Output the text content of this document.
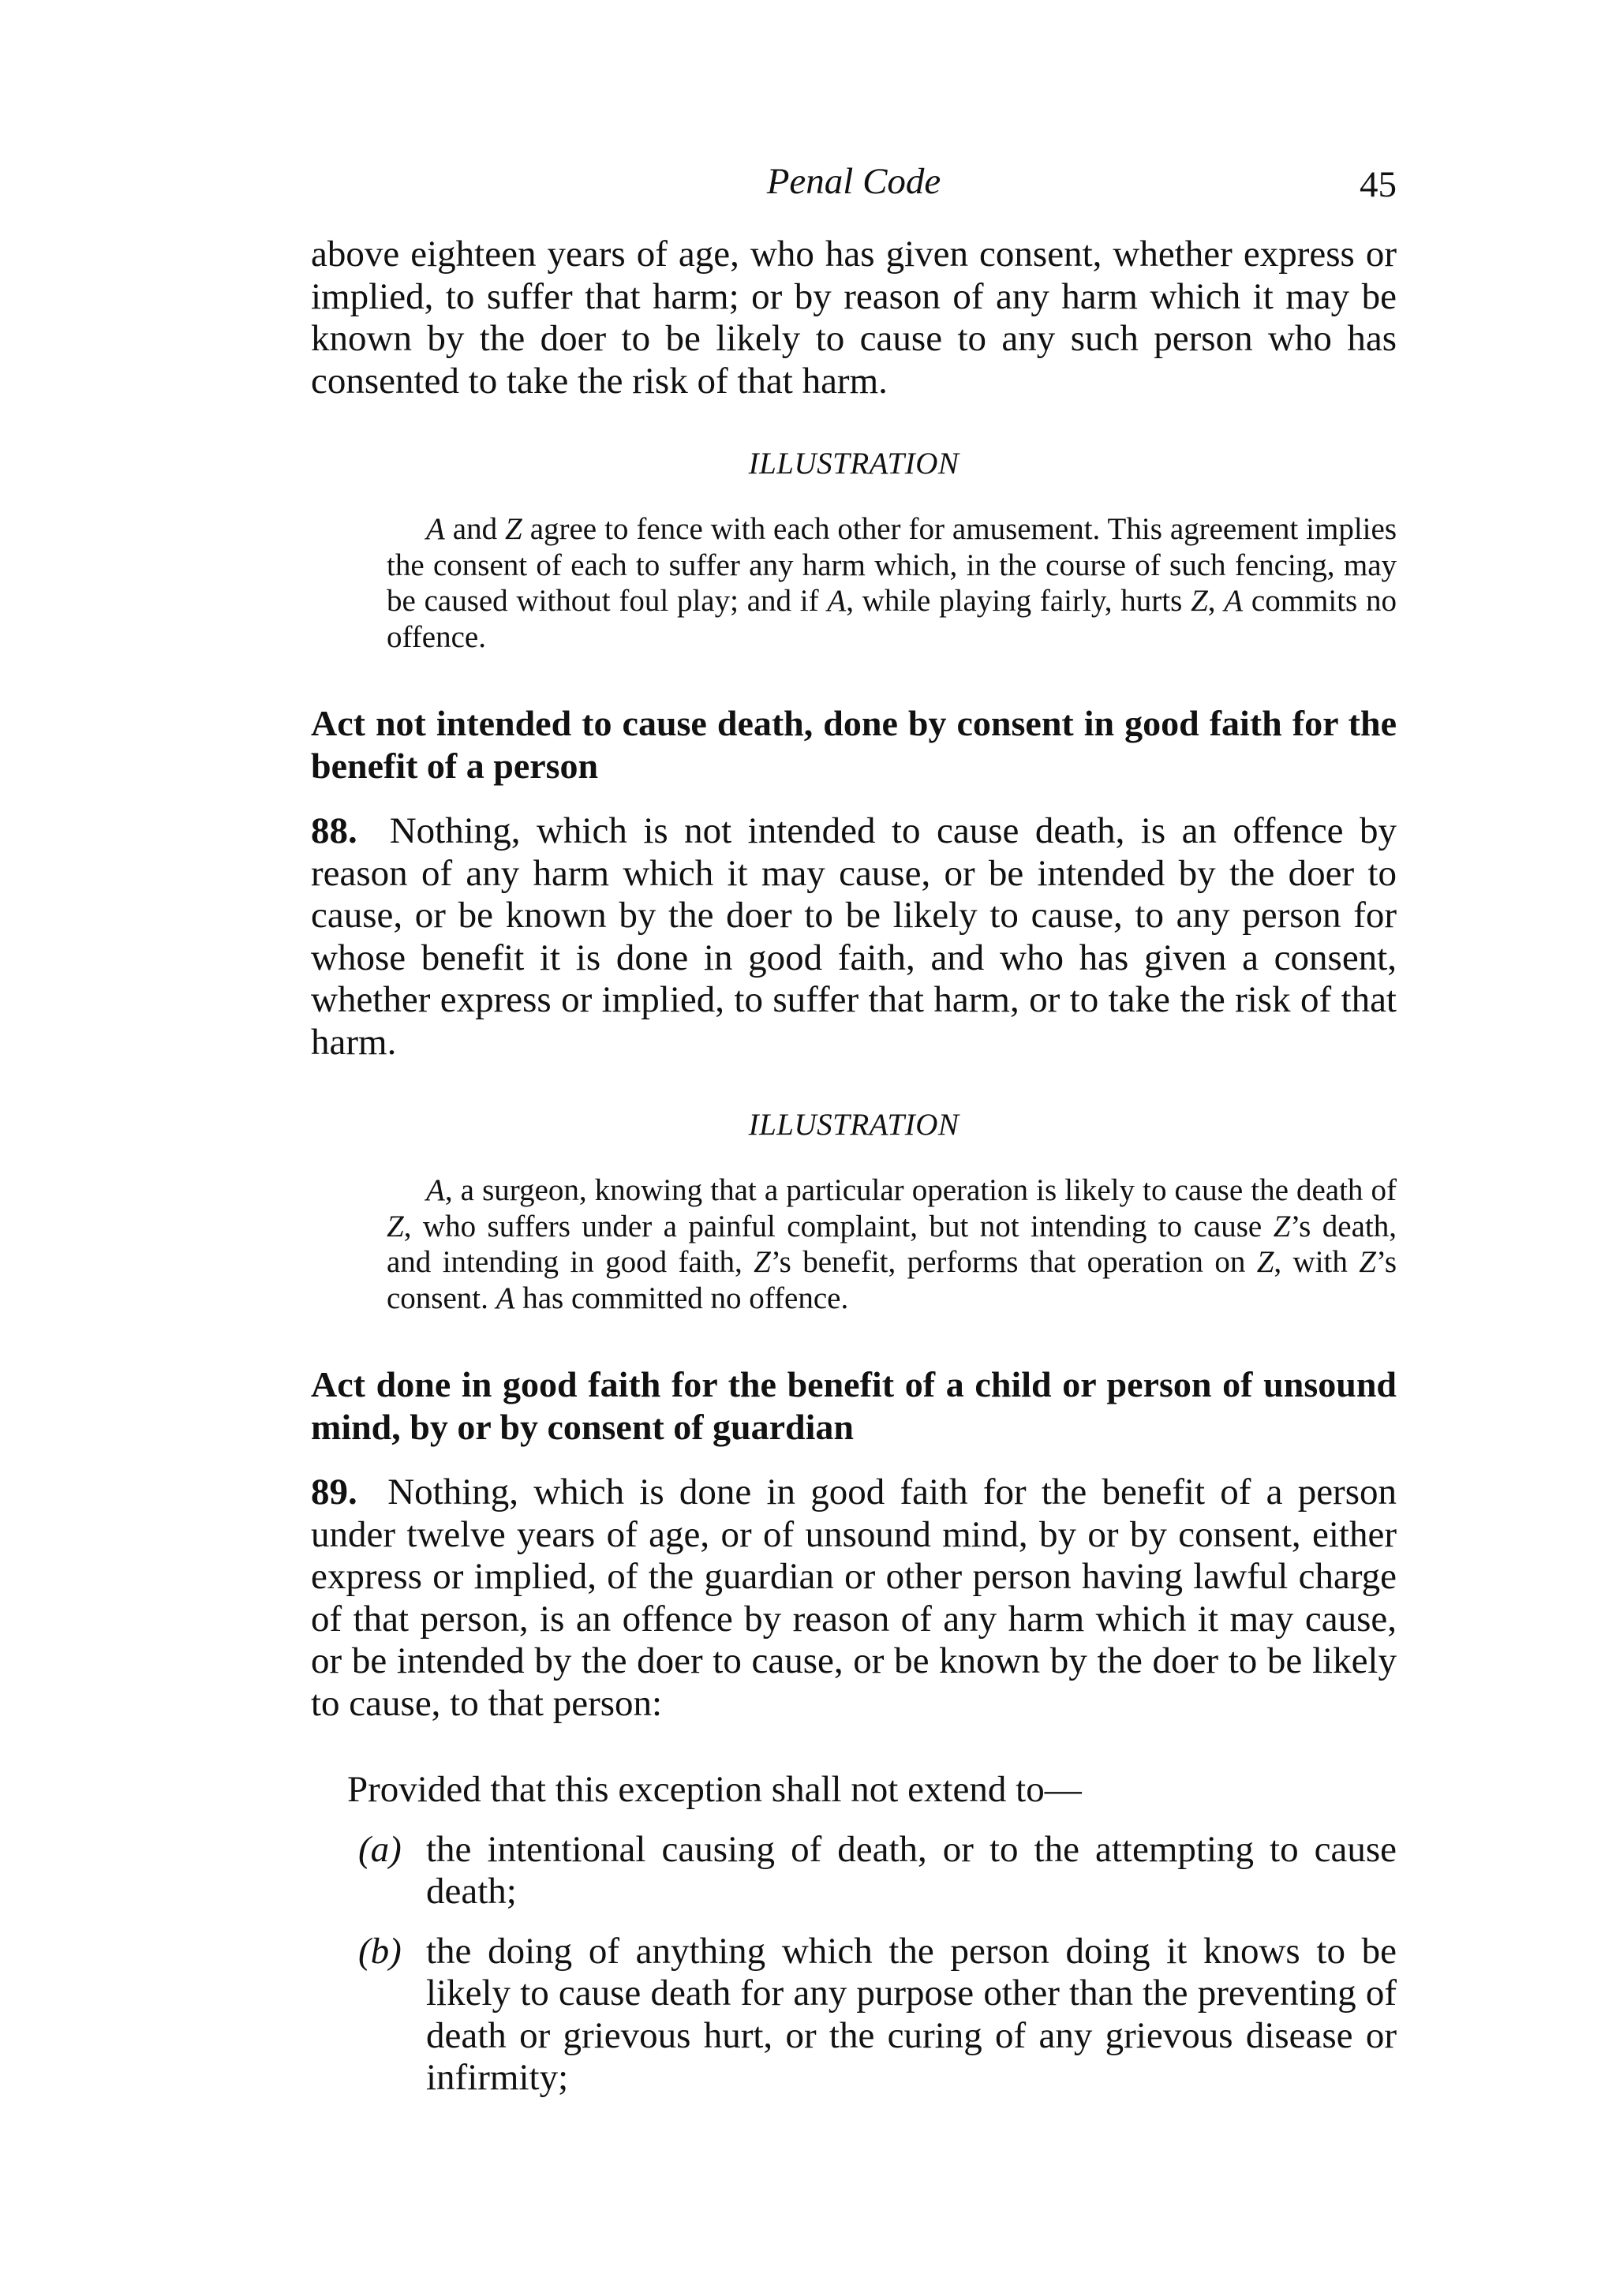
Penal Code	45

above eighteen years of age, who has given consent, whether express or implied, to suffer that harm; or by reason of any harm which it may be known by the doer to be likely to cause to any such person who has consented to take the risk of that harm.

ILLUSTRATION

A and Z agree to fence with each other for amusement. This agreement implies the consent of each to suffer any harm which, in the course of such fencing, may be caused without foul play; and if A, while playing fairly, hurts Z, A commits no offence.

Act not intended to cause death, done by consent in good faith for the benefit of a person

88. Nothing, which is not intended to cause death, is an offence by reason of any harm which it may cause, or be intended by the doer to cause, or be known by the doer to be likely to cause, to any person for whose benefit it is done in good faith, and who has given a consent, whether express or implied, to suffer that harm, or to take the risk of that harm.

ILLUSTRATION

A, a surgeon, knowing that a particular operation is likely to cause the death of Z, who suffers under a painful complaint, but not intending to cause Z’s death, and intending in good faith, Z’s benefit, performs that operation on Z, with Z’s consent. A has committed no offence.

Act done in good faith for the benefit of a child or person of unsound mind, by or by consent of guardian

89. Nothing, which is done in good faith for the benefit of a person under twelve years of age, or of unsound mind, by or by consent, either express or implied, of the guardian or other person having lawful charge of that person, is an offence by reason of any harm which it may cause, or be intended by the doer to cause, or be known by the doer to be likely to cause, to that person:

Provided that this exception shall not extend to—

(a) the intentional causing of death, or to the attempting to cause death;
(b) the doing of anything which the person doing it knows to be likely to cause death for any purpose other than the preventing of death or grievous hurt, or the curing of any grievous disease or infirmity;
